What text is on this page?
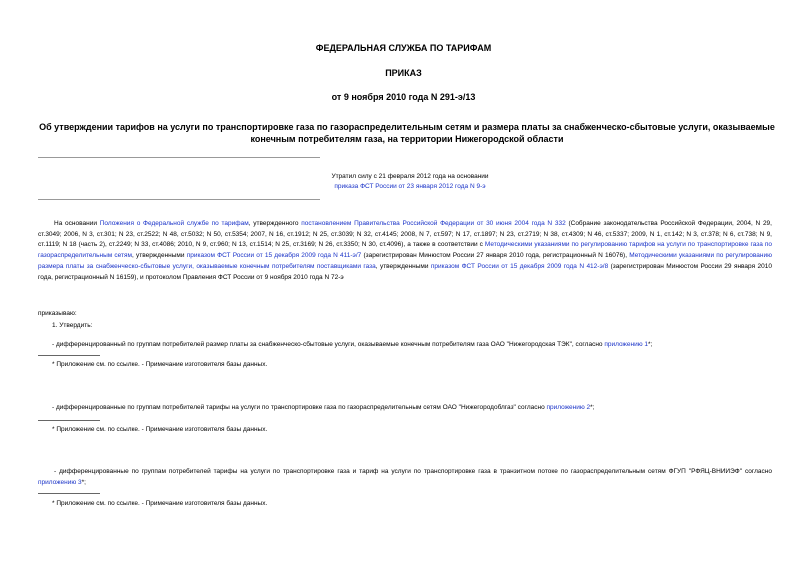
ФЕДЕРАЛЬНАЯ СЛУЖБА ПО ТАРИФАМ
ПРИКАЗ
от 9 ноября 2010 года N 291-э/13
Об утверждении тарифов на услуги по транспортировке газа по газораспределительным сетям и размера платы за снабженческо-сбытовые услуги, оказываемые конечным потребителям газа, на территории Нижегородской области
Утратил силу с 21 февраля 2012 года на основании
приказа ФСТ России от 23 января 2012 года N 9-э
На основании Положения о Федеральной службе по тарифам, утвержденного постановлением Правительства Российской Федерации от 30 июня 2004 года N 332 (Собрание законодательства Российской Федерации, 2004, N 29, ст.3049; 2006, N 3, ст.301; N 23, ст.2522; N 48, ст.5032; N 50, ст.5354; 2007, N 16, ст.1912; N 25, ст.3039; N 32, ст.4145; 2008, N 7, ст.597; N 17, ст.1897; N 23, ст.2719; N 38, ст.4309; N 46, ст.5337; 2009, N 1, ст.142; N 3, ст.378; N 6, ст.738; N 9, ст.1119; N 18 (часть 2), ст.2249; N 33, ст.4086; 2010, N 9, ст.960; N 13, ст.1514; N 25, ст.3169; N 26, ст.3350; N 30, ст.4096), а также в соответствии с Методическими указаниями по регулированию тарифов на услуги по транспортировке газа по газораспределительным сетям, утвержденными приказом ФСТ России от 15 декабря 2009 года N 411-э/7 (зарегистрирован Минюстом России 27 января 2010 года, регистрационный N 16076), Методическими указаниями по регулированию размера платы за снабженческо-сбытовые услуги, оказываемые конечным потребителям поставщиками газа, утвержденными приказом ФСТ России от 15 декабря 2009 года N 412-э/8 (зарегистрирован Минюстом России 29 января 2010 года, регистрационный N 16159), и протоколом Правления ФСТ России от 9 ноября 2010 года N 72-э
приказываю:
1. Утвердить:
- дифференцированный по группам потребителей размер платы за снабженческо-сбытовые услуги, оказываемые конечным потребителям газа ОАО "Нижегородская ТЭК", согласно приложению 1*;
* Приложение см. по ссылке. - Примечание изготовителя базы данных.
- дифференцированные по группам потребителей тарифы на услуги по транспортировке газа по газораспределительным сетям ОАО "Нижегородоблгаз" согласно приложению 2*;
* Приложение см. по ссылке. - Примечание изготовителя базы данных.
- дифференцированные по группам потребителей тарифы на услуги по транспортировке газа и тариф на услуги по транспортировке газа в транзитном потоке по газораспределительным сетям ФГУП "РФЯЦ-ВНИИЭФ" согласно приложению 3*;
* Приложение см. по ссылке. - Примечание изготовителя базы данных.
